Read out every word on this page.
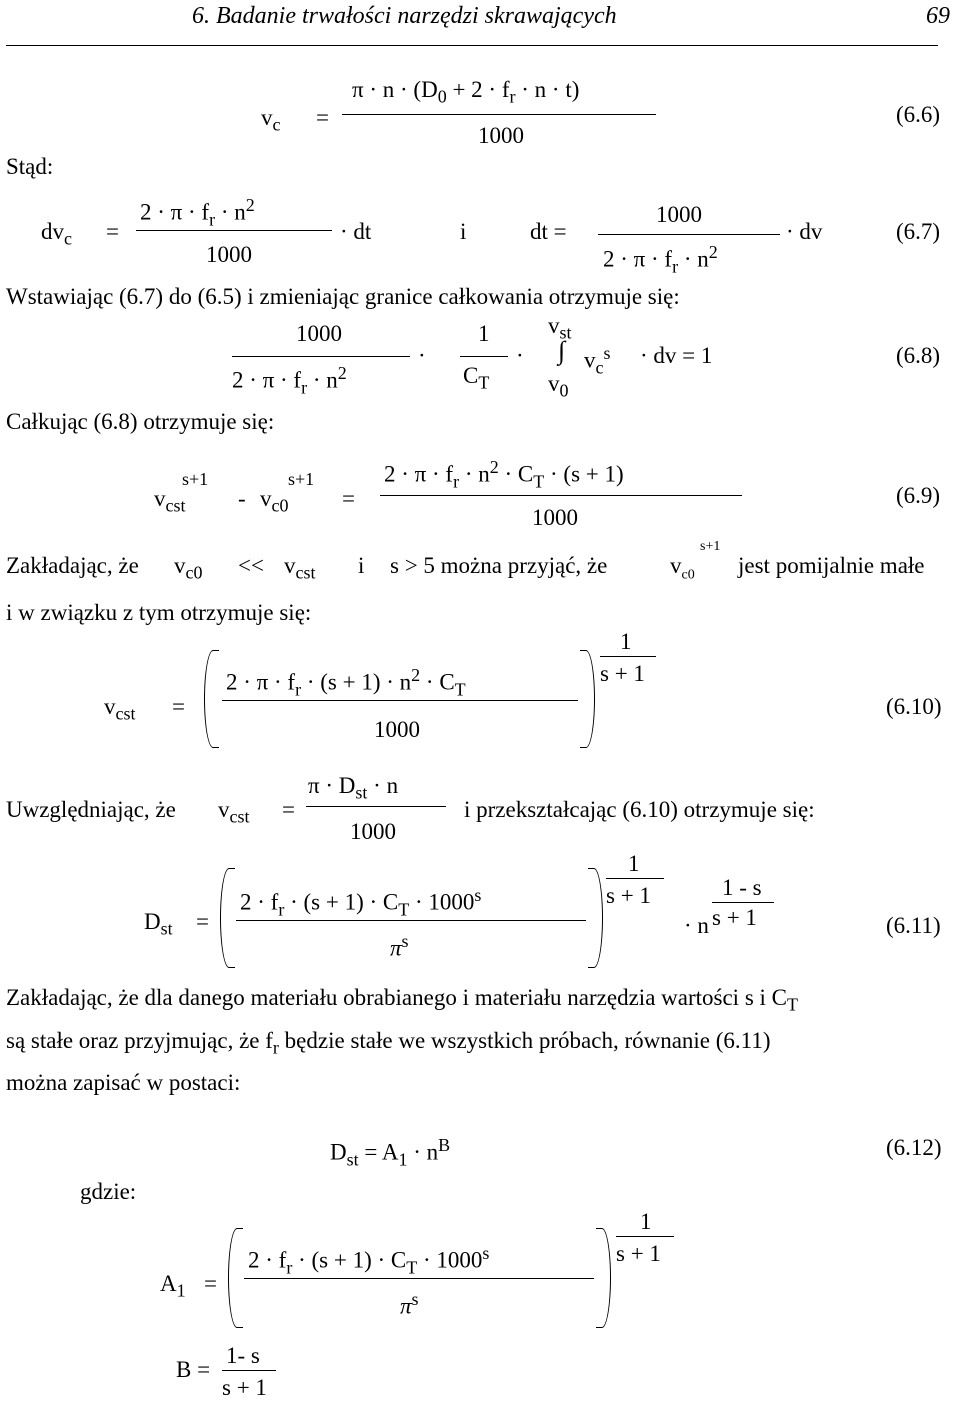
6. Badanie trwałości narzędzi skrawających	69
$v_c$ =
$\pi \cdot n \cdot (D_0 + 2 \cdot f_r \cdot n \cdot t)$
1000
(6.6)
Stąd:
$dv_c$ =
$2 \cdot \pi \cdot f_r \cdot n^2$
1000
· dt	i	dt =
1000
$2 \cdot \pi \cdot f_r \cdot n^2$
· dv	(6.7)
Wstawiając (6.7) do (6.5) i zmieniając granice całkowania otrzymuje się:
1000
$2 \cdot \pi \cdot f_r \cdot n^2$
·
1
$C_T$
·
$v_{st}$
∫
$v_0$
$v_c^s$ · dv = 1	(6.8)
Całkując (6.8) otrzymuje się:
s+1
$v_{cst}$ -
s+1
$v_{c0}$ =
$2 \cdot \pi \cdot f_r \cdot n^2 \cdot C_T \cdot (s + 1)$
1000
(6.9)
Zakładając, że $v_{c0} << v_{cst}$ i s > 5 można przyjąć, że	$v_{c0}$
s+1
jest pomijalnie małe
i w związku z tym otrzymuje się:
$v_{cst}$ =
$2 \cdot \pi \cdot f_r \cdot (s + 1) \cdot n^2 \cdot C_T$
1000
1
s + 1
(6.10)
Uwzględniając, że $v_{cst}$ =
$\pi \cdot D_{st} \cdot n$
1000
i przekształcając (6.10) otrzymuje się:
$D_{st}$ =
$2 \cdot f_r \cdot (s + 1) \cdot C_T \cdot 1000^s$
$\pi^s$
1
s + 1
· n
1 - s
s + 1	(6.11)
Zakładając, że dla danego materiału obrabianego i materiału narzędzia wartości s i $C_T$
są stałe oraz przyjmując, że $f_r$ będzie stałe we wszystkich próbach, równanie (6.11)
można zapisać w postaci:
$D_{st} = A_1 \cdot n^B$	(6.12)
gdzie:
$A_1$ =
$2 \cdot f_r \cdot (s + 1) \cdot C_T \cdot 1000^s$
$\pi^s$
1
s + 1
B =
1- s
s + 1
